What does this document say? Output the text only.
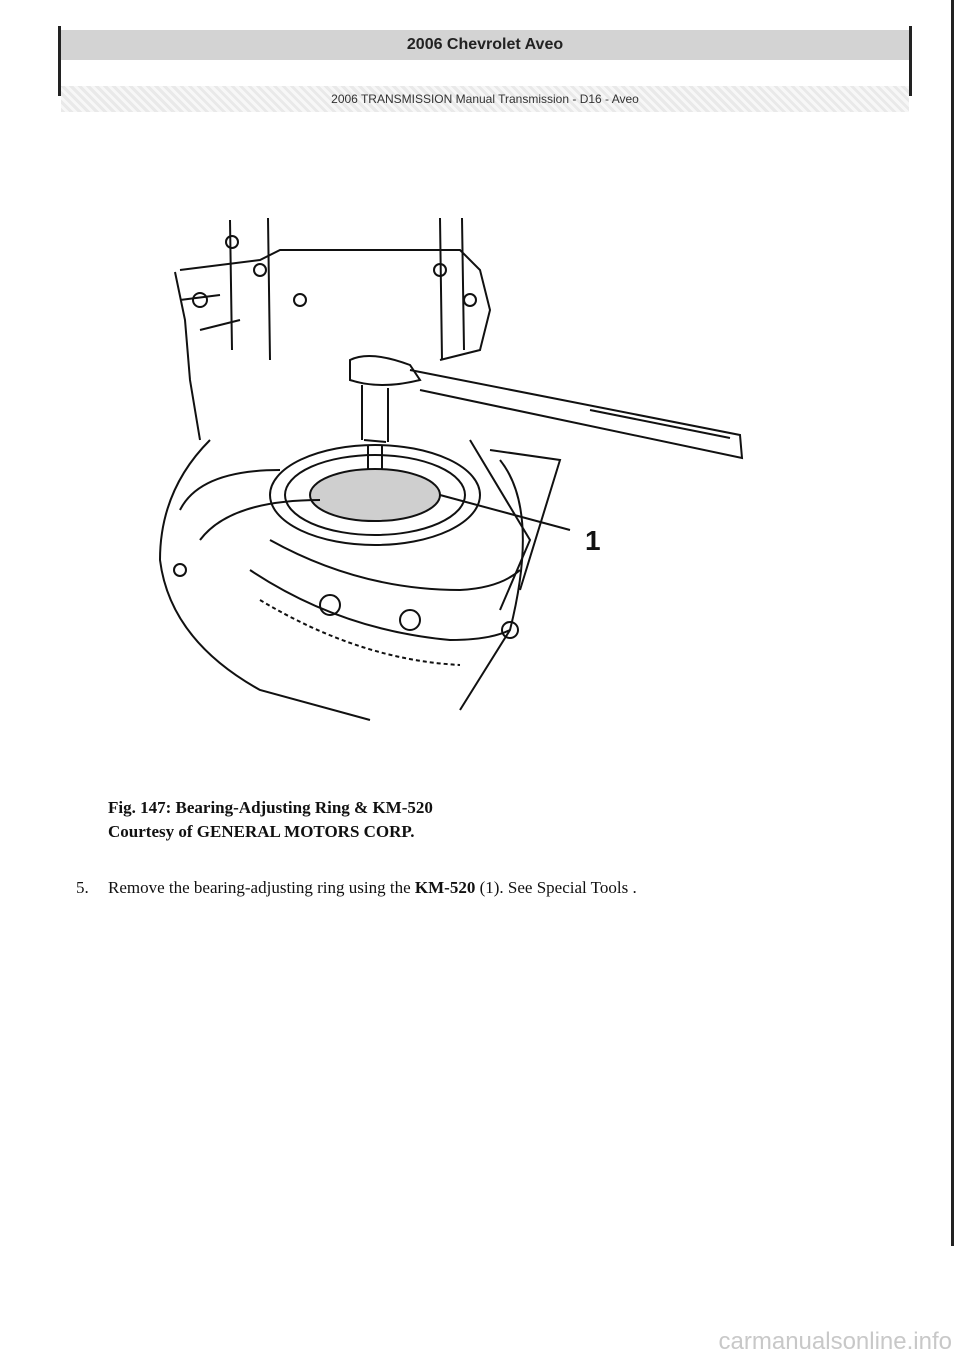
2006 Chevrolet Aveo
2006 TRANSMISSION Manual Transmission - D16 - Aveo
1
Fig. 147: Bearing-Adjusting Ring & KM-520
Courtesy of GENERAL MOTORS CORP.
5. Remove the bearing-adjusting ring using the KM-520 (1). See Special Tools .
carmanualsonline.info
